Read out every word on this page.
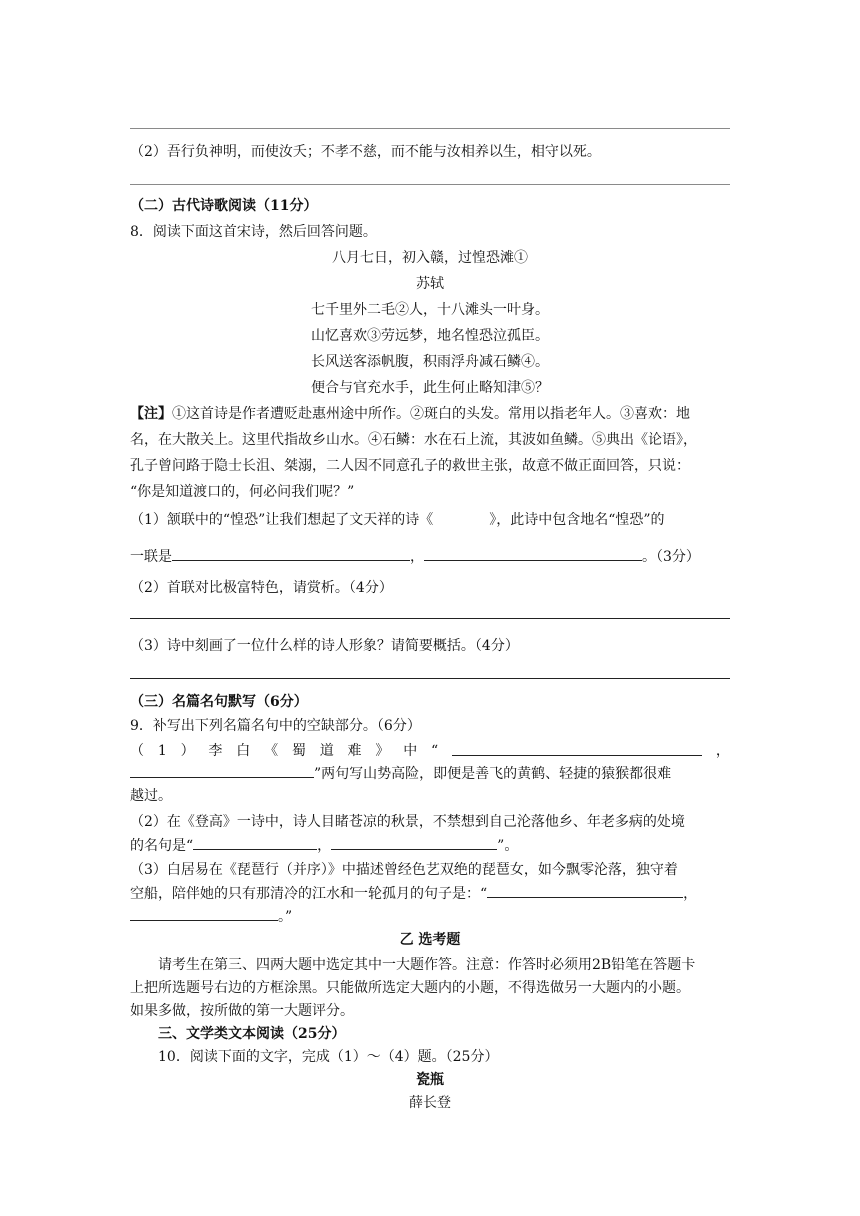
（2）吾行负神明，而使汝夭；不孝不慈，而不能与汝相养以生，相守以死。
（二）古代诗歌阅读（11分）
8．阅读下面这首宋诗，然后回答问题。
八月七日，初入赣，过惶恐滩①
苏轼
七千里外二毛②人，十八滩头一叶身。
山忆喜欢③劳远梦，地名惶恐泣孤臣。
长风送客添帆腹，积雨浮舟减石鳞④。
便合与官充水手，此生何止略知津⑤？
【注】①这首诗是作者遭贬赴惠州途中所作。②斑白的头发。常用以指老年人。③喜欢：地
名，在大散关上。这里代指故乡山水。④石鳞：水在石上流，其波如鱼鳞。⑤典出《论语》，
孔子曾问路于隐士长沮、桀溺，二人因不同意孔子的救世主张，故意不做正面回答，只说：
“你是知道渡口的，何必问我们呢？”
（1）颔联中的“惶恐”让我们想起了文天祥的诗《	》，此诗中包含地名“惶恐”的
一联是	，	。（3分）
（2）首联对比极富特色，请赏析。（4分）
（3）诗中刻画了一位什么样的诗人形象？请简要概括。（4分）
（三）名篇名句默写（6分）
9．补写出下列名篇名句中的空缺部分。（6分）
（ 1 ） 李 白 《 蜀 道 难 》 中 “	，
”两句写山势高险，即便是善飞的黄鹤、轻捷的猿猴都很难
越过。
（2）在《登高》一诗中，诗人目睹苍凉的秋景，不禁想到自己沦落他乡、年老多病的处境
的名句是“	，	”。
（3）白居易在《琵琶行（并序）》中描述曾经色艺双绝的琵琶女，如今飘零沦落，独守着
空船，陪伴她的只有那清冷的江水和一轮孤月的句子是：“	，
。”
乙 选考题
请考生在第三、四两大题中选定其中一大题作答。注意：作答时必须用2B铅笔在答题卡
上把所选题号右边的方框涂黑。只能做所选定大题内的小题，不得选做另一大题内的小题。
如果多做，按所做的第一大题评分。
三、文学类文本阅读（25分）
10．阅读下面的文字，完成（1）～（4）题。（25分）
瓷瓶
薛长登
